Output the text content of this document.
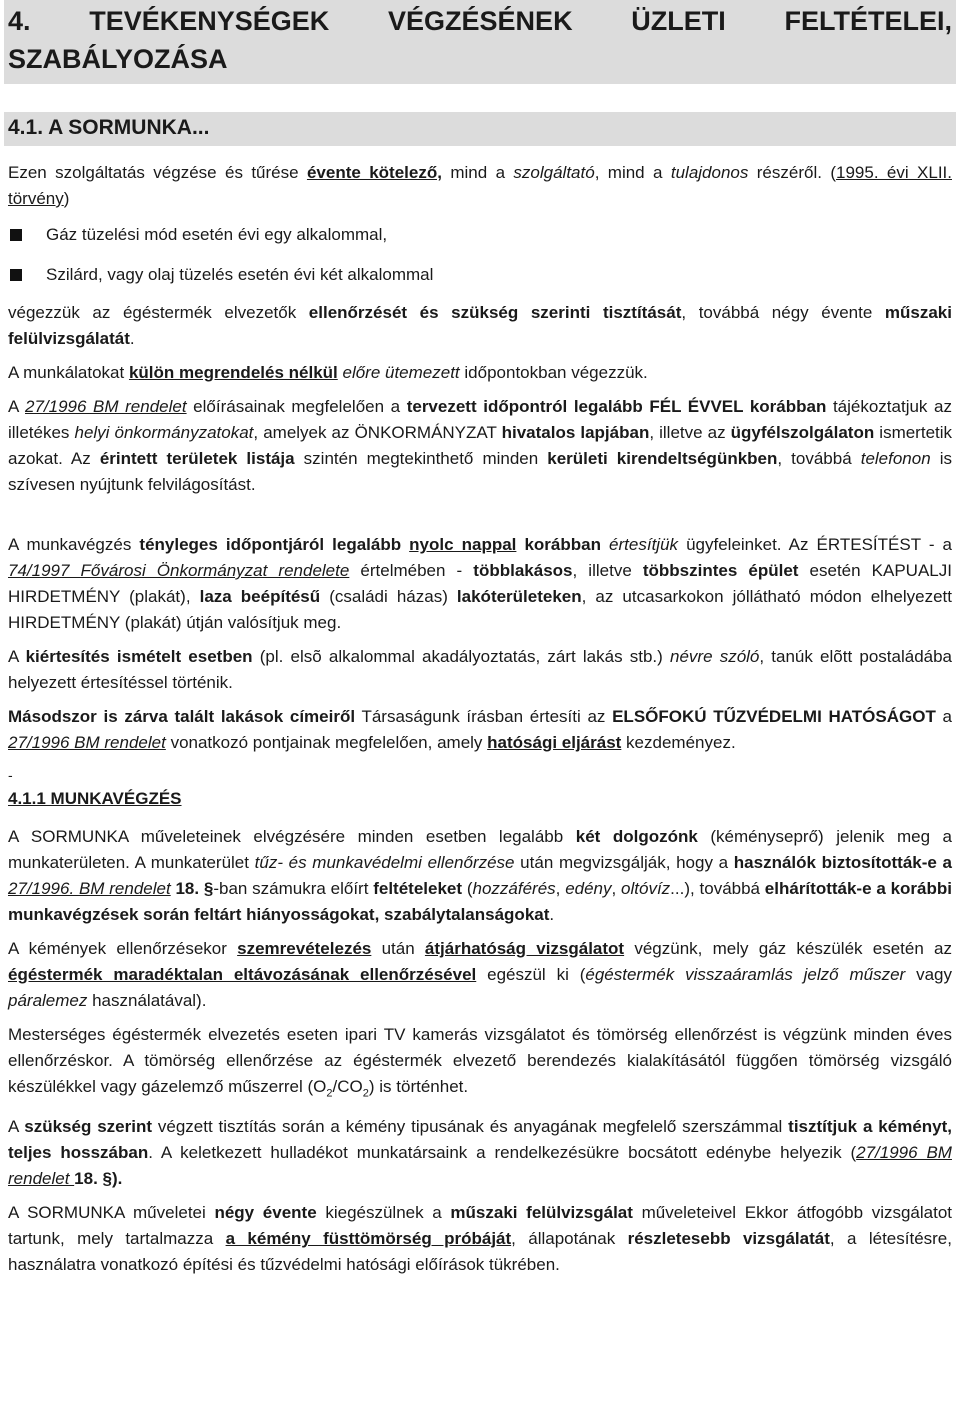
4. TEVÉKENYSÉGEK VÉGZÉSÉNEK ÜZLETI FELTÉTELEI,
SZABÁLYOZÁSA
4.1. A SORMUNKA...

Ezen szolgáltatás végzése és tűrése évente kötelező, mind a szolgáltató, mind a tulajdonos részéről. (1995. évi XLII. törvény)

Gáz tüzelési mód esetén évi egy alkalommal,
Szilárd, vagy olaj tüzelés esetén évi két alkalommal

végezzük az égéstermék elvezetők ellenőrzését és szükség szerinti tisztítását, továbbá négy évente műszaki felülvizsgálatát.

A munkálatokat külön megrendelés nélkül előre ütemezett időpontokban végezzük.

A 27/1996 BM rendelet előírásainak megfelelően a tervezett időpontról legalább FÉL ÉVVEL korábban tájékoztatjuk az illetékes helyi önkormányzatokat, amelyek az ÖNKORMÁNYZAT hivatalos lapjában, illetve az ügyfélszolgálaton ismertetik azokat. Az érintett területek listája szintén megtekinthető minden kerületi kirendeltségünkben, továbbá telefonon is szívesen nyújtunk felvilágosítást.

A munkavégzés tényleges időpontjáról legalább nyolc nappal korábban értesítjük ügyfeleinket. Az ÉRTESÍTÉST - a 74/1997 Fővárosi Önkormányzat rendelete értelmében - többlakásos, illetve többszintes épület esetén KAPUALJI HIRDETMÉNY (plakát), laza beépítésű (családi házas) lakóterületeken, az utcasarkokon jóllátható módon elhelyezett HIRDETMÉNY (plakát) útján valósítjuk meg.

A kiértesítés ismételt esetben (pl. elsõ alkalommal akadályoztatás, zárt lakás stb.) névre szóló, tanúk elõtt postaládába helyezett értesítéssel történik.

Másodszor is zárva talált lakások címeiről Társaságunk írásban értesíti az ELSŐFOKÚ TŰZVÉDELMI HATÓSÁGOT a 27/1996 BM rendelet vonatkozó pontjainak megfelelően, amely hatósági eljárást kezdeményez.

-
4.1.1 MUNKAVÉGZÉS

A SORMUNKA műveleteinek elvégzésére minden esetben legalább két dolgozónk (kéményseprő) jelenik meg a munkaterületen. A munkaterület tűz- és munkavédelmi ellenőrzése után megvizsgálják, hogy a használók biztosították-e a 27/1996. BM rendelet 18. §-ban számukra előírt feltételeket (hozzáférés, edény, oltóvíz...), továbbá elhárították-e a korábbi munkavégzések során feltárt hiányosságokat, szabálytalanságokat.

A kémények ellenőrzésekor szemrevételezés után átjárhatóság vizsgálatot végzünk, mely gáz készülék esetén az égéstermék maradéktalan eltávozásának ellenőrzésével egészül ki (égéstermék visszaáramlás jelző műszer vagy páralemez használatával).

Mesterséges égéstermék elvezetés eseten ipari TV kamerás vizsgálatot és tömörség ellenőrzést is végzünk minden éves ellenőrzéskor. A tömörség ellenőrzése az égéstermék elvezető berendezés kialakításától függően tömörség vizsgáló készülékkel vagy gázelemző műszerrel $(O_2/CO_2)$ is történhet.

A szükség szerint végzett tisztítás során a kémény tipusának és anyagának megfelelő szerszámmal tisztítjuk a kéményt, teljes hosszában. A keletkezett hulladékot munkatársaink a rendelkezésükre bocsátott edénybe helyezik (27/1996 BM rendelet 18. §).

A SORMUNKA műveletei négy évente kiegészülnek a műszaki felülvizsgálat műveleteivel Ekkor átfogóbb vizsgálatot tartunk, mely tartalmazza a kémény füsttömörség próbáját, állapotának részletesebb vizsgálatát, a létesítésre, használatra vonatkozó építési és tűzvédelmi hatósági előírások tükrében.
